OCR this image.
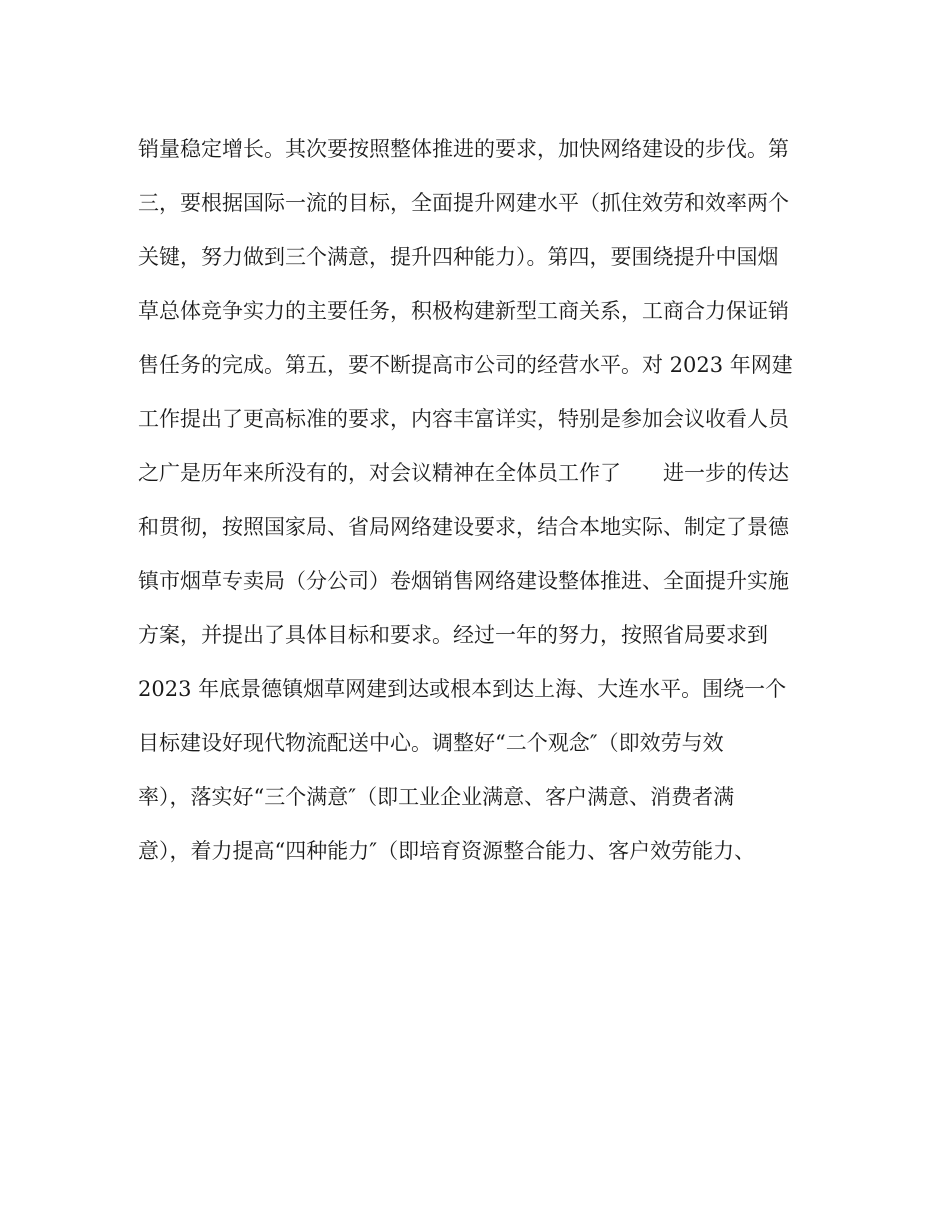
销量稳定增长。其次要按照整体推进的要求，加快网络建设的步伐。第
三，要根据国际一流的目标，全面提升网建水平（抓住效劳和效率两个
关键，努力做到三个满意，提升四种能力）。第四，要围绕提升中国烟
草总体竞争实力的主要任务，积极构建新型工商关系，工商合力保证销
售任务的完成。第五，要不断提高市公司的经营水平。对 2023 年网建
工作提出了更高标准的要求，内容丰富详实，特别是参加会议收看人员
之广是历年来所没有的，对会议精神在全体员工作了　　进一步的传达
和贯彻，按照国家局、省局网络建设要求，结合本地实际、制定了景德
镇市烟草专卖局（分公司）卷烟销售网络建设整体推进、全面提升实施
方案，并提出了具体目标和要求。经过一年的努力，按照省局要求到
2023 年底景德镇烟草网建到达或根本到达上海、大连水平。围绕一个
目标建设好现代物流配送中心。调整好“二个观念″（即效劳与效
率），落实好“三个满意″（即工业企业满意、客户满意、消费者满
意），着力提高“四种能力″（即培育资源整合能力、客户效劳能力、
